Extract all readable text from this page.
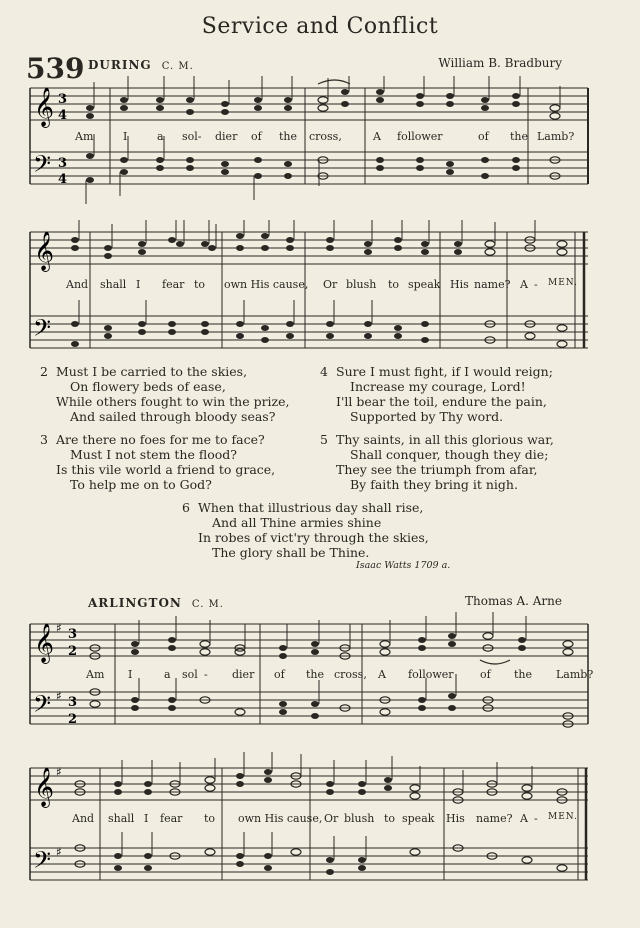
Service and Conflict
539 DURING C. M.	William B. Bradbury
𝄞
𝄢
3
4
3
4
Am	I	a sol- dier of the cross,	A follower	of the Lamb?
𝄞
𝄢
And shall I fear to own His cause, Or blush to speak His name? A - MEN.
2 Must I be carried to the skies,
On flowery beds of ease,
While others fought to win the prize,
And sailed through bloody seas?
3 Are there no foes for me to face?
Must I not stem the flood?
Is this vile world a friend to grace,
To help me on to God?
4 Sure I must fight, if I would reign;
Increase my courage, Lord!
I'll bear the toil, endure the pain,
Supported by Thy word.
5 Thy saints, in all this glorious war,
Shall conquer, though they die;
They see the triumph from afar,
By faith they bring it nigh.
6 When that illustrious day shall rise,
And all Thine armies shine
In robes of vict'ry through the skies,
The glory shall be Thine.
Isaac Watts 1709 a.
ARLINGTON C. M.	Thomas A. Arne
𝄞
𝄢
♯
♯
3
2
3
2
Am I	a sol - dier of the cross, A follower of the Lamb?
𝄞
𝄢
♯
♯
And shall I fear to own His cause, Or blush to speak His name? A - MEN.
